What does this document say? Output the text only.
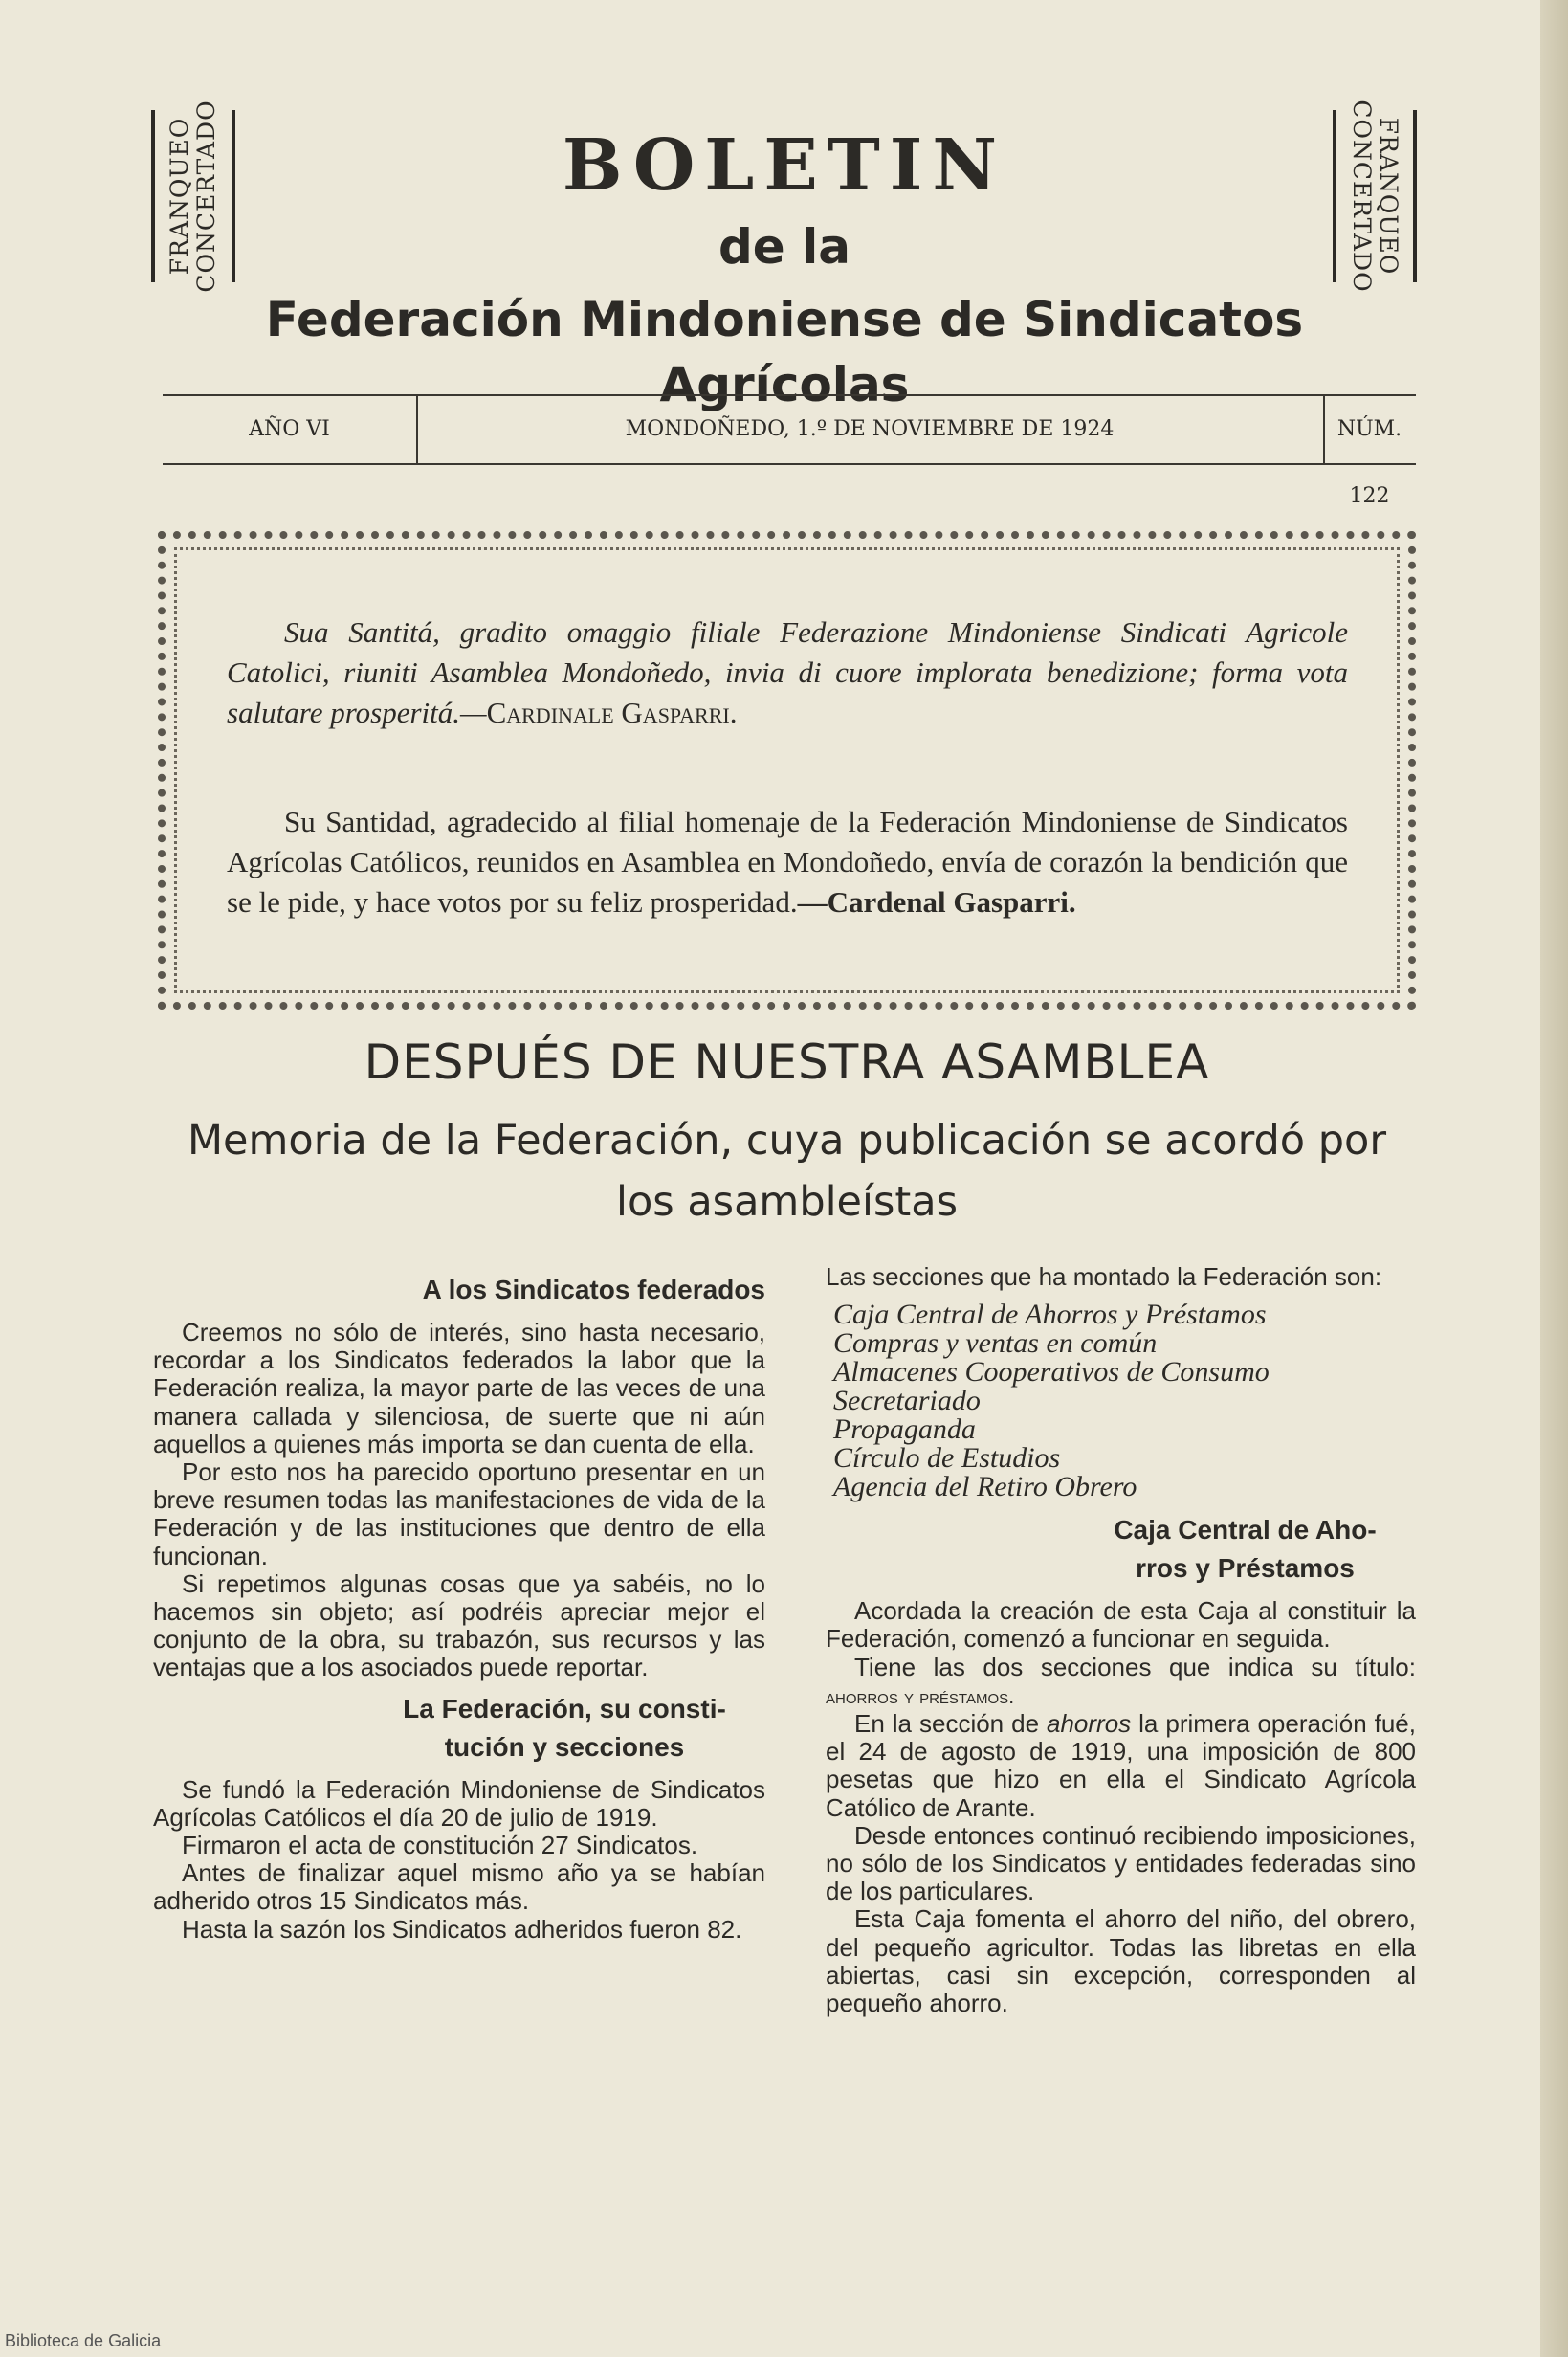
FRANQUEO CONCERTADO	FRANQUEO
CONCERTADO
BOLETIN
de la
Federación Mindoniense de Sindicatos Agrícolas
AÑO VI	MONDOÑEDO, 1.º DE NOVIEMBRE DE 1924	NÚM. 122
Sua Santitá, gradito omaggio filiale Federazione Mindoniense Sindicati Agricole Catolici, riuniti Asamblea Mondoñedo, invia di cuore implorata benedizione; forma vota salutare prosperitá.—Cardinale Gasparri.
Su Santidad, agradecido al filial homenaje de la Federación Mindoniense de Sindicatos Agrícolas Católicos, reunidos en Asamblea en Mondoñedo, envía de corazón la bendición que se le pide, y hace votos por su feliz prosperidad.—Cardenal Gasparri.
DESPUÉS DE NUESTRA ASAMBLEA
Memoria de la Federación, cuya publicación se acordó por los asambleístas
A los Sindicatos federados

Creemos no sólo de interés, sino hasta necesario, recordar a los Sindicatos federados la labor que la Federación realiza, la mayor parte de las veces de una manera callada y silenciosa, de suerte que ni aún aquellos a quienes más importa se dan cuenta de ella.

Por esto nos ha parecido oportuno presentar en un breve resumen todas las manifestaciones de vida de la Federación y de las instituciones que dentro de ella funcionan.

Si repetimos algunas cosas que ya sabéis, no lo hacemos sin objeto; así podréis apreciar mejor el conjunto de la obra, su trabazón, sus recursos y las ventajas que a los asociados puede reportar.

La Federación, su consti-
tución y secciones

Se fundó la Federación Mindoniense de Sindicatos Agrícolas Católicos el día 20 de julio de 1919.

Firmaron el acta de constitución 27 Sindicatos.

Antes de finalizar aquel mismo año ya se habían adherido otros 15 Sindicatos más.

Hasta la sazón los Sindicatos adheridos fueron 82.

Las secciones que ha montado la Federación son:

Caja Central de Ahorros y Préstamos
Compras y ventas en común
Almacenes Cooperativos de Consumo
Secretariado
Propaganda
Círculo de Estudios
Agencia del Retiro Obrero
Caja Central de Aho-
rros y Préstamos

Acordada la creación de esta Caja al constituir la Federación, comenzó a funcionar en seguida.

Tiene las dos secciones que indica su título: ahorros y préstamos.

En la sección de ahorros la primera operación fué, el 24 de agosto de 1919, una imposición de 800 pesetas que hizo en ella el Sindicato Agrícola Católico de Arante.

Desde entonces continuó recibiendo imposiciones, no sólo de los Sindicatos y entidades federadas sino de los particulares.

Esta Caja fomenta el ahorro del niño, del obrero, del pequeño agricultor. Todas las libretas en ella abiertas, casi sin excepción, corresponden al pequeño ahorro.

Biblioteca de Galicia
